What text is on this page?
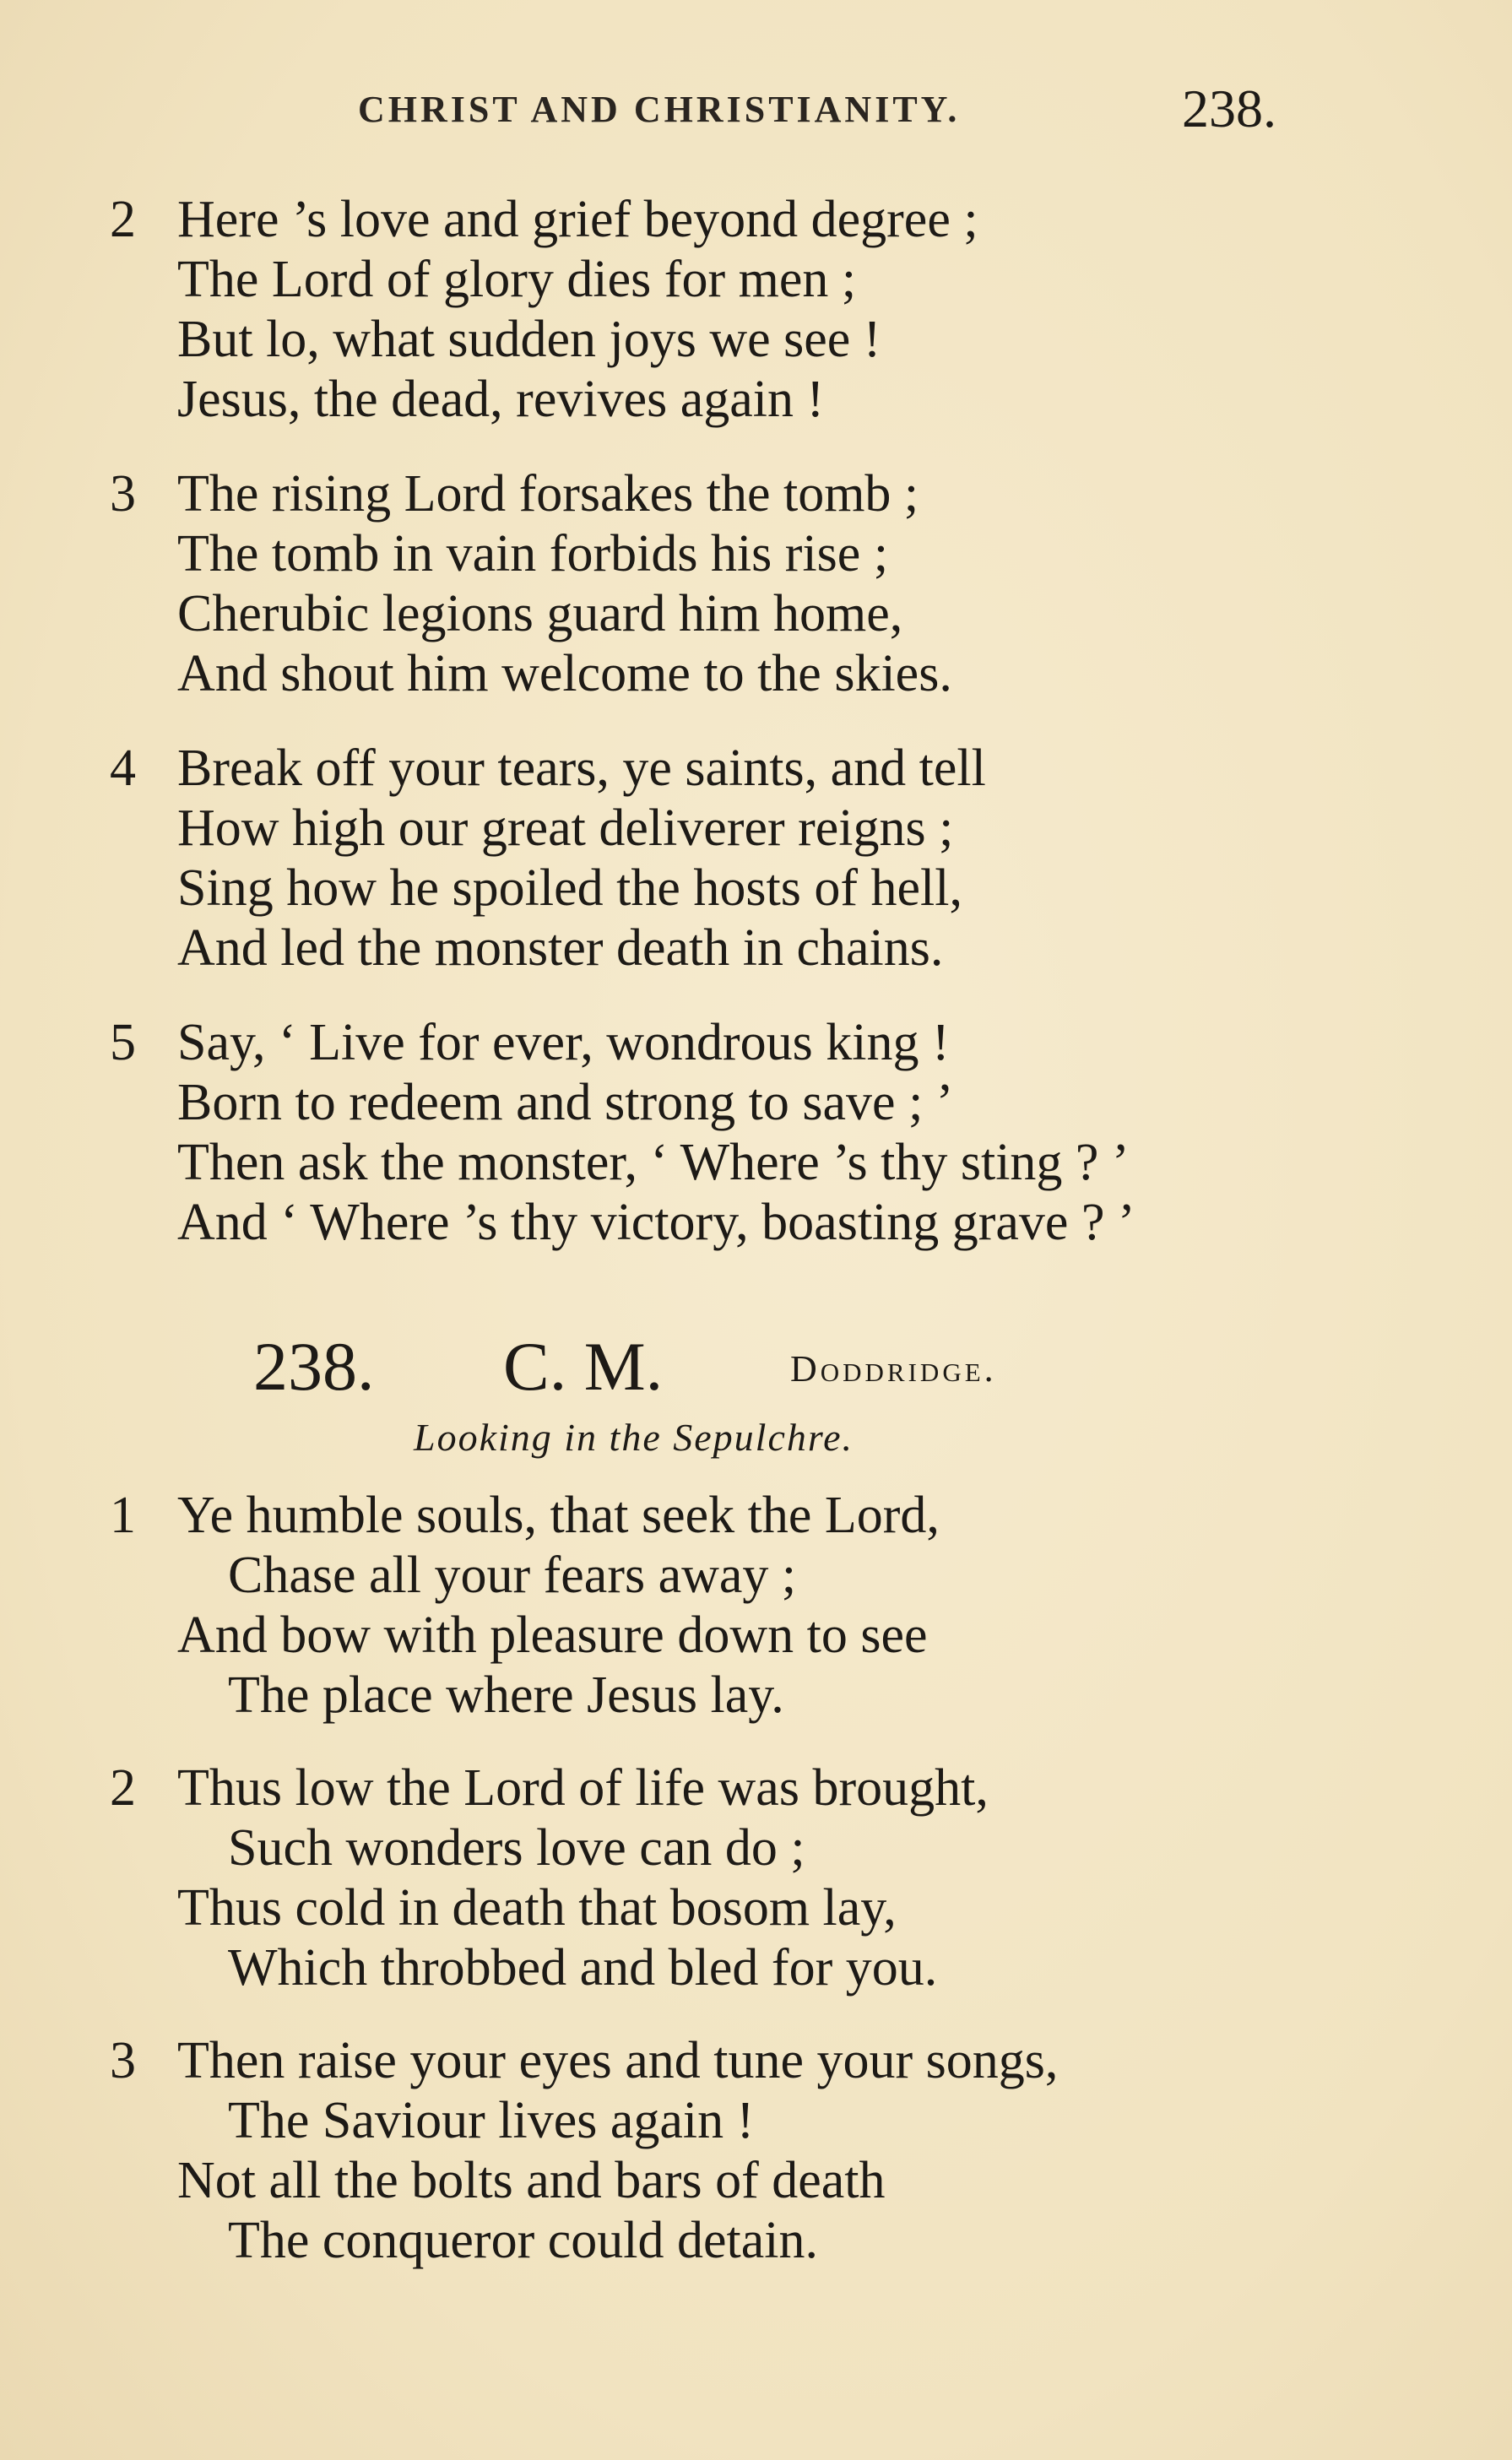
CHRIST AND CHRISTIANITY.	238.
2 Here ’s love and grief beyond degree ;
The Lord of glory dies for men ;
But lo, what sudden joys we see !
Jesus, the dead, revives again !
3 The rising Lord forsakes the tomb ;
The tomb in vain forbids his rise ;
Cherubic legions guard him home,
And shout him welcome to the skies.
4 Break off your tears, ye saints, and tell
How high our great deliverer reigns ;
Sing how he spoiled the hosts of hell,
And led the monster death in chains.
5 Say, ‘ Live for ever, wondrous king !
Born to redeem and strong to save ; ’
Then ask the monster, ‘ Where ’s thy sting ? ’
And ‘ Where ’s thy victory, boasting grave ? ’
238. C. M.	Doddridge.
Looking in the Sepulchre.
1 Ye humble souls, that seek the Lord,
Chase all your fears away ;
And bow with pleasure down to see
The place where Jesus lay.
2 Thus low the Lord of life was brought,
Such wonders love can do ;
Thus cold in death that bosom lay,
Which throbbed and bled for you.
3 Then raise your eyes and tune your songs,
The Saviour lives again !
Not all the bolts and bars of death
The conqueror could detain.
